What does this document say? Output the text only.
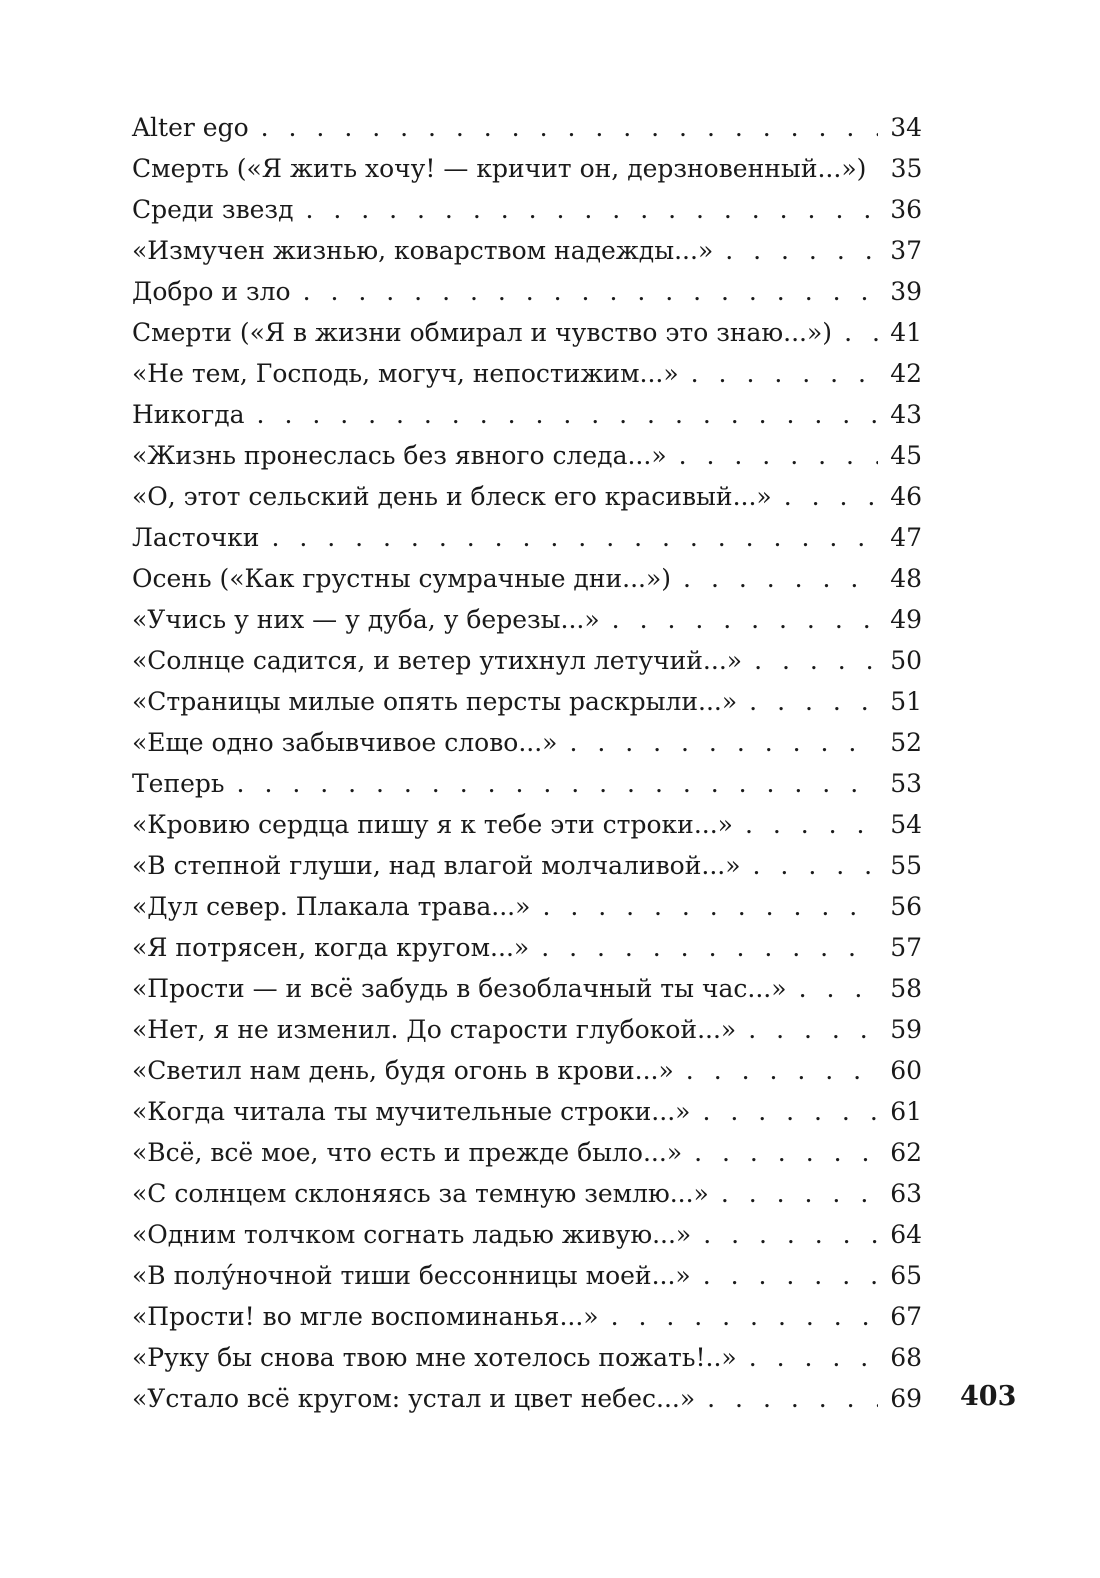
Alter ego . . .	34
Смерть («Я жить хочу! — кричит он, дерзновенный...») 35
Среди звезд . . .	36
«Измучен жизнью, коварством надежды...» . . .	37
Добро и зло . . .	39
Смерти («Я в жизни обмирал и чувство это знаю...») . . .	41
«Не тем, Господь, могуч, непостижим...» . . .	42
Никогда . . .	43
«Жизнь пронеслась без явного следа...» . . .	45
«О, этот сельский день и блеск его красивый...» . . .	46
Ласточки . . .	47
Осень («Как грустны сумрачные дни...») . . .	48
«Учись у них — у дуба, у березы...» . . .	49
«Солнце садится, и ветер утихнул летучий...» . . .	50
«Страницы милые опять персты раскрыли...» . . .	51
«Еще одно забывчивое слово...» . . .	52
Теперь . . .	53
«Кровию сердца пишу я к тебе эти строки...» . . .	54
«В степной глуши, над влагой молчаливой...» . . .	55
«Дул север. Плакала трава...» . . .	56
«Я потрясен, когда кругом...» . . .	57
«Прости — и всё забудь в безоблачный ты час...» . . .	58
«Нет, я не изменил. До старости глубокой...» . . .	59
«Светил нам день, будя огонь в крови...» . . .	60
«Когда читала ты мучительные строки...» . . .	61
«Всё, всё мое, что есть и прежде было...» . . .	62
«С солнцем склоняясь за темную землю...» . . .	63
«Одним толчком согнать ладью живую...» . . .	64
«В полу́ночной тиши бессонницы моей...» . . .	65
«Прости! во мгле воспоминанья...» . . .	67
«Руку бы снова твою мне хотелось пожать!..» . . .	68
«Устало всё кругом: устал и цвет небес...» . . .	69 403
